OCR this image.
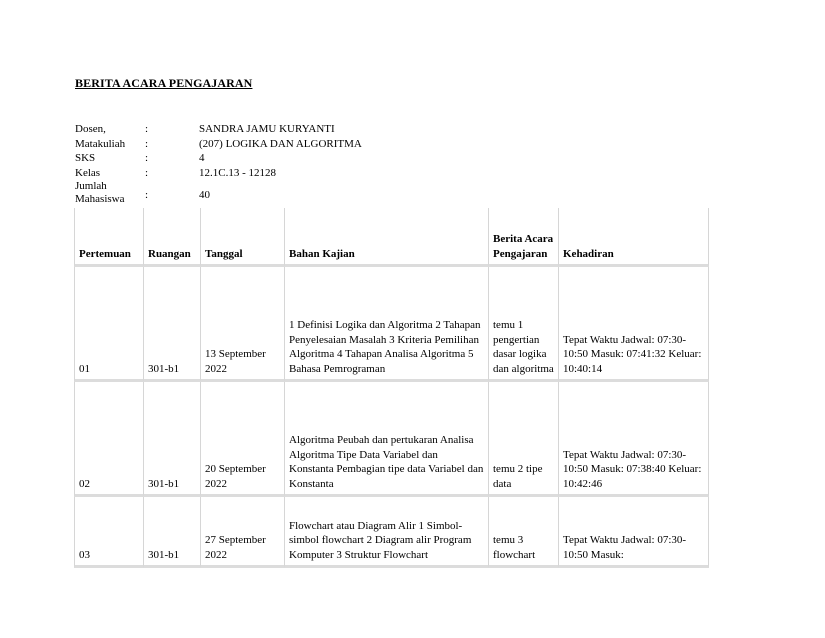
BERITA ACARA PENGAJARAN
Dosen,	:	SANDRA JAMU KURYANTI
Matakuliah	:	(207) LOGIKA DAN ALGORITMA
SKS	:	4
Kelas	:	12.1C.13 - 12128
Jumlah Mahasiswa	:	40
Pertemuan	Ruangan	Tanggal	Bahan Kajian	Berita Acara Pengajaran	Kehadiran
01	301-b1	13 September 2022	1 Definisi Logika dan Algoritma 2 Tahapan Penyelesaian Masalah 3 Kriteria Pemilihan Algoritma 4 Tahapan Analisa Algoritma 5 Bahasa Pemrograman	temu 1 pengertian dasar logika dan algoritma	Tepat Waktu Jadwal: 07:30-10:50 Masuk: 07:41:32 Keluar: 10:40:14
02	301-b1	20 September 2022	Algoritma Peubah dan pertukaran Analisa Algoritma Tipe Data Variabel dan Konstanta Pembagian tipe data Variabel dan Konstanta	temu 2 tipe data	Tepat Waktu Jadwal: 07:30-10:50 Masuk: 07:38:40 Keluar: 10:42:46
03	301-b1	27 September 2022	Flowchart atau Diagram Alir 1 Simbol-simbol flowchart 2 Diagram alir Program Komputer 3 Struktur Flowchart	temu 3 flowchart	Tepat Waktu Jadwal: 07:30-10:50 Masuk:
